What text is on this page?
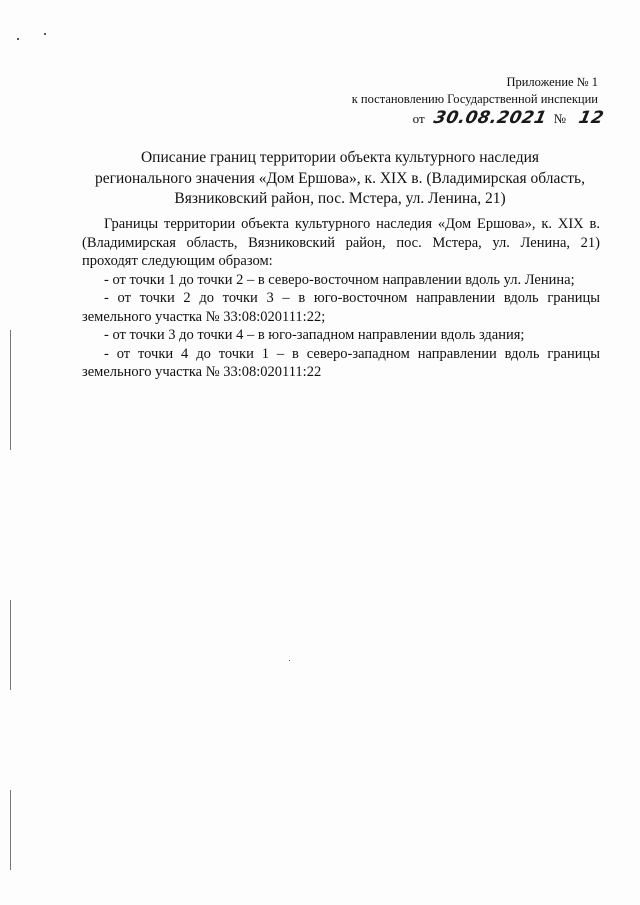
Приложение № 1
к постановлению Государственной инспекции
от 30.08.2021 № 12
Описание границ территории объекта культурного наследия
регионального значения «Дом Ершова», к. XIX в. (Владимирская область,
Вязниковский район, пос. Мстера, ул. Ленина, 21)

Границы территории объекта культурного наследия «Дом Ершова», к. XIX в.

(Владимирская область, Вязниковский район, пос. Мстера, ул. Ленина, 21)

проходят следующим образом:

- от точки 1 до точки 2 – в северо-восточном направлении вдоль ул. Ленина;

- от точки 2 до точки 3 – в юго-восточном направлении вдоль границы

земельного участка № 33:08:020111:22;

- от точки 3 до точки 4 – в юго-западном направлении вдоль здания;

- от точки 4 до точки 1 – в северо-западном направлении вдоль границы

земельного участка № 33:08:020111:22
